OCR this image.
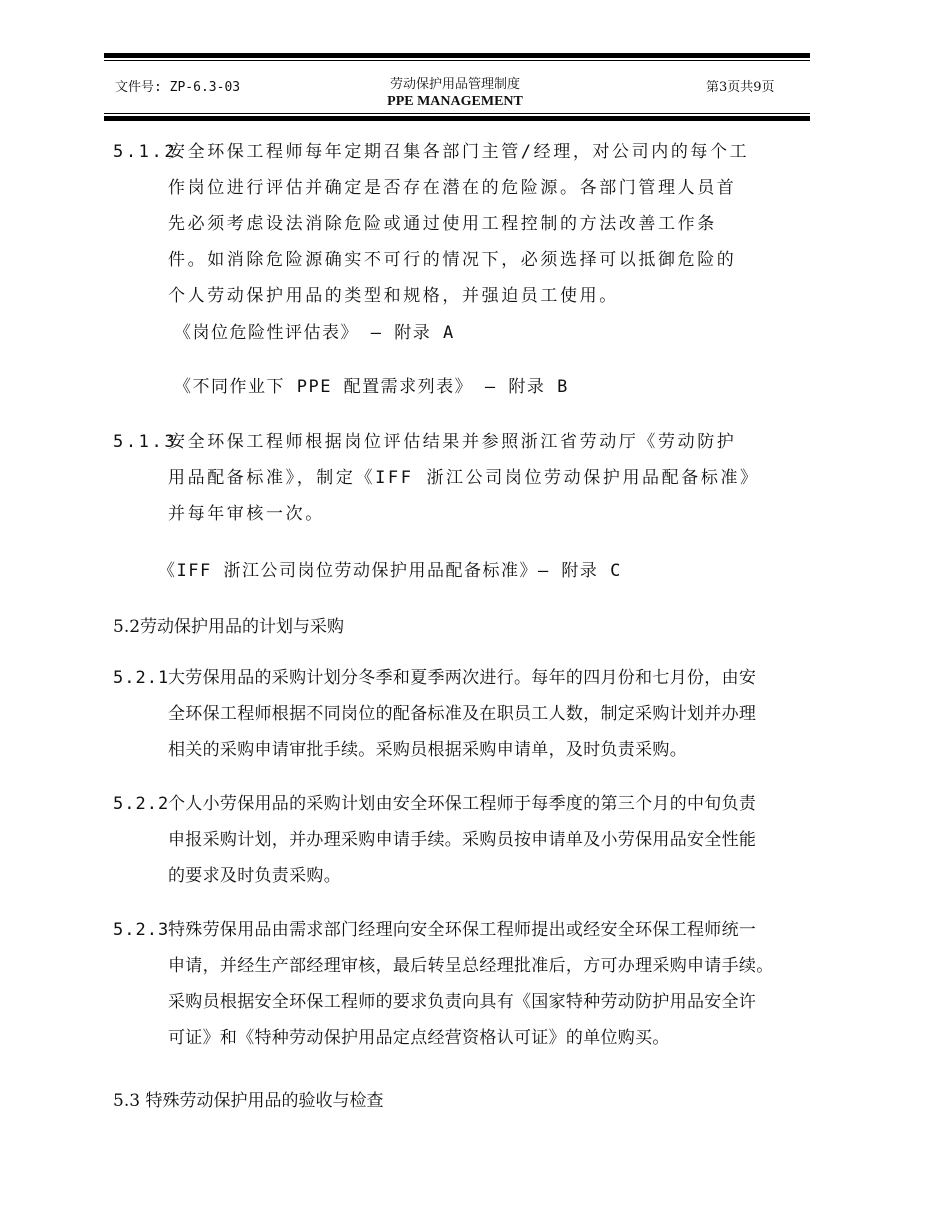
文件号: ZP-6.3-03	劳动保护用品管理制度
PPE MANAGEMENT
第3页共9页
5.1.2安全环保工程师每年定期召集各部门主管/经理，对公司内的每个工
作岗位进行评估并确定是否存在潜在的危险源。各部门管理人员首
先必须考虑设法消除危险或通过使用工程控制的方法改善工作条
件。如消除危险源确实不可行的情况下，必须选择可以抵御危险的
个人劳动保护用品的类型和规格，并强迫员工使用。
《岗位危险性评估表》 – 附录 A
《不同作业下 PPE 配置需求列表》 – 附录 B
5.1.3安全环保工程师根据岗位评估结果并参照浙江省劳动厅《劳动防护
用品配备标准》，制定《IFF 浙江公司岗位劳动保护用品配备标准》
并每年审核一次。
《IFF 浙江公司岗位劳动保护用品配备标准》– 附录 C
5.2劳动保护用品的计划与采购
5.2.1大劳保用品的采购计划分冬季和夏季两次进行。每年的四月份和七月份，由安
全环保工程师根据不同岗位的配备标准及在职员工人数，制定采购计划并办理
相关的采购申请审批手续。采购员根据采购申请单，及时负责采购。
5.2.2个人小劳保用品的采购计划由安全环保工程师于每季度的第三个月的中旬负责
申报采购计划，并办理采购申请手续。采购员按申请单及小劳保用品安全性能
的要求及时负责采购。
5.2.3特殊劳保用品由需求部门经理向安全环保工程师提出或经安全环保工程师统一
申请，并经生产部经理审核，最后转呈总经理批准后，方可办理采购申请手续。
采购员根据安全环保工程师的要求负责向具有《国家特种劳动防护用品安全许
可证》和《特种劳动保护用品定点经营资格认可证》的单位购买。
5.3 特殊劳动保护用品的验收与检查
